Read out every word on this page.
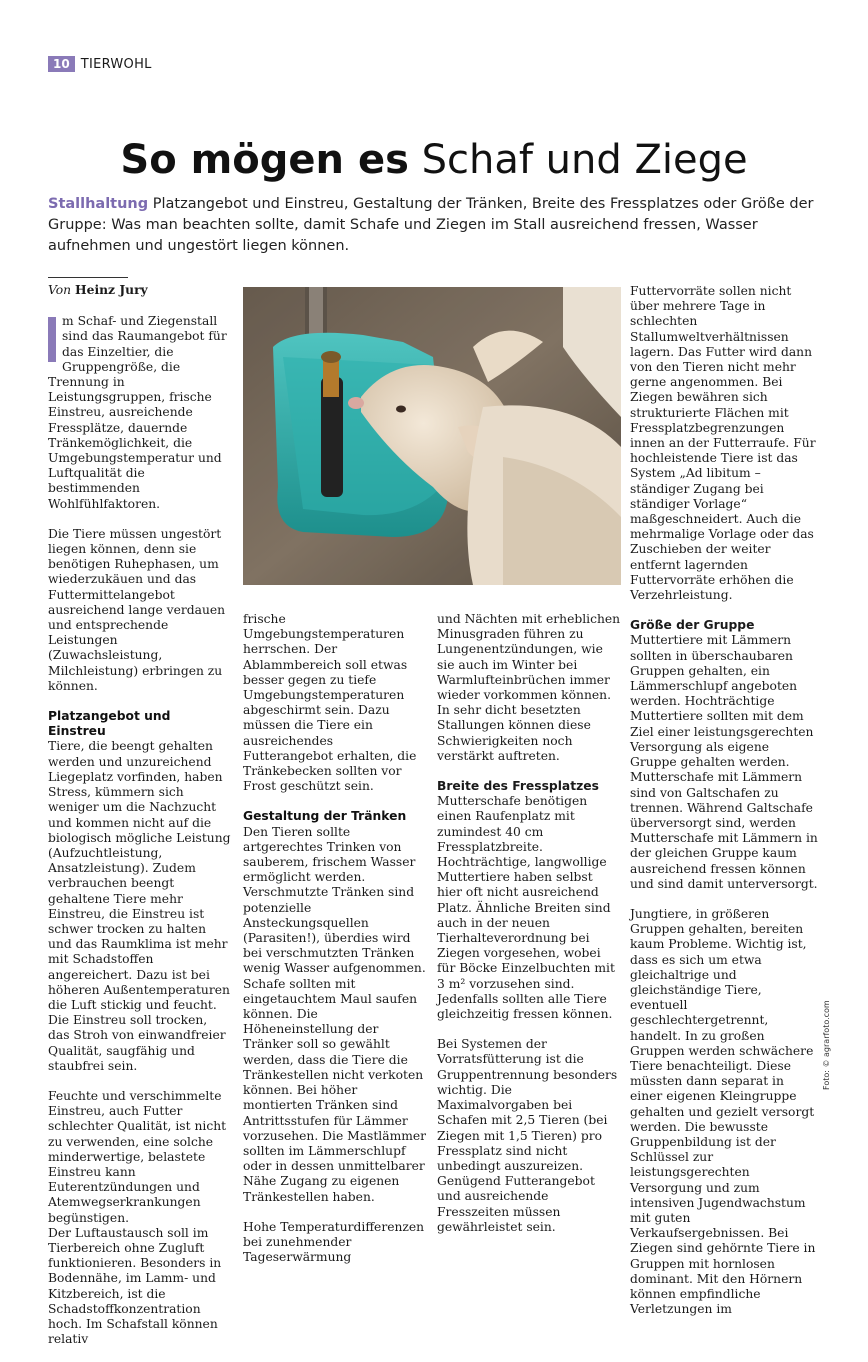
10 TIERWOHL
So mögen es Schaf und Ziege

Stallhaltung Platzangebot und Einstreu, Gestaltung der Tränken, Breite des Fressplatzes oder Größe der Gruppe: Was man beachten sollte, damit Schafe und Ziegen im Stall ausreichend fressen, Wasser aufnehmen und ungestört liegen können.

Von Heinz Jury

m Schaf- und Ziegenstall sind das Raumangebot für das Einzeltier, die Gruppengröße, die Trennung in Leistungsgruppen, frische Einstreu, ausreichende Fressplätze, dauernde Tränkemöglichkeit, die Umgebungstemperatur und Luftqualität die bestimmenden Wohlfühlfaktoren.

Die Tiere müssen ungestört liegen können, denn sie benötigen Ruhephasen, um wiederzukäuen und das Futtermittelangebot ausreichend lange verdauen und entsprechende Leistungen (Zuwachsleistung, Milchleistung) erbringen zu können.

Platzangebot und Einstreu

Tiere, die beengt gehalten werden und unzureichend Liegeplatz vorfinden, haben Stress, kümmern sich weniger um die Nachzucht und kommen nicht auf die biologisch mögliche Leistung (Aufzuchtleistung, Ansatzleistung). Zudem verbrauchen beengt gehaltene Tiere mehr Einstreu, die Einstreu ist schwer trocken zu halten und das Raumklima ist mehr mit Schadstoffen angereichert. Dazu ist bei höheren Außentemperaturen die Luft stickig und feucht. Die Einstreu soll trocken, das Stroh von einwandfreier Qualität, saugfähig und staubfrei sein.

Feuchte und verschimmelte Einstreu, auch Futter schlechter Qualität, ist nicht zu verwenden, eine solche minderwertige, belastete Einstreu kann Euterentzündungen und Atemwegserkrankungen begünstigen.

Der Luftaustausch soll im Tierbereich ohne Zugluft funktionieren. Besonders in Bodennähe, im Lamm- und Kitzbereich, ist die Schadstoffkonzentration hoch. Im Schafstall können relativ

frische Umgebungstemperaturen herrschen. Der Ablammbereich soll etwas besser gegen zu tiefe Umgebungstemperaturen abgeschirmt sein. Dazu müssen die Tiere ein ausreichendes Futterangebot erhalten, die Tränkebecken sollten vor Frost geschützt sein.

Gestaltung der Tränken

Den Tieren sollte artgerechtes Trinken von sauberem, frischem Wasser ermöglicht werden. Verschmutzte Tränken sind potenzielle Ansteckungsquellen (Parasiten!), überdies wird bei verschmutzten Tränken wenig Wasser aufgenommen.

Schafe sollten mit eingetauchtem Maul saufen können. Die Höheneinstellung der Tränker soll so gewählt werden, dass die Tiere die Tränkestellen nicht verkoten können. Bei höher montierten Tränken sind Antrittsstufen für Lämmer vorzusehen. Die Mastlämmer sollten im Lämmerschlupf oder in dessen unmittelbarer Nähe Zugang zu eigenen Tränkestellen haben.

Hohe Temperaturdifferenzen bei zunehmender Tageserwärmung

und Nächten mit erheblichen Minusgraden führen zu Lungenentzündungen, wie sie auch im Winter bei Warmlufteinbrüchen immer wieder vorkommen können. In sehr dicht besetzten Stallungen können diese Schwierigkeiten noch verstärkt auftreten.

Breite des Fressplatzes Mutterschafe benötigen einen Raufenplatz mit zumindest 40 cm Fressplatzbreite. Hochträchtige, langwollige Muttertiere haben selbst hier oft nicht ausreichend Platz. Ähnliche Breiten sind auch in der neuen Tierhalteverordnung bei Ziegen vorgesehen, wobei für Böcke Einzelbuchten mit 3 m² vorzusehen sind. Jedenfalls sollten alle Tiere gleichzeitig fressen können.

Bei Systemen der Vorratsfütterung ist die Gruppentrennung besonders wichtig. Die Maximalvorgaben bei Schafen mit 2,5 Tieren (bei Ziegen mit 1,5 Tieren) pro Fressplatz sind nicht unbedingt auszureizen. Genügend Futterangebot und ausreichende Fresszeiten müssen gewährleistet sein.

Futtervorräte sollen nicht über mehrere Tage in schlechten Stallumweltverhältnissen lagern. Das Futter wird dann von den Tieren nicht mehr gerne angenommen. Bei Ziegen bewähren sich strukturierte Flächen mit Fressplatzbegrenzungen innen an der Futterraufe. Für hochleistende Tiere ist das System „Ad libitum – ständiger Zugang bei ständiger Vorlage“ maßgeschneidert. Auch die mehrmalige Vorlage oder das Zuschieben der weiter entfernt lagernden Futtervorräte erhöhen die Verzehrleistung.

Größe der Gruppe Muttertiere mit Lämmern sollten in überschaubaren Gruppen gehalten, ein Lämmerschlupf angeboten werden. Hochträchtige Muttertiere sollten mit dem Ziel einer leistungsgerechten Versorgung als eigene Gruppe gehalten werden. Mutterschafe mit Lämmern sind von Galtschafen zu trennen. Während Galtschafe überversorgt sind, werden Mutterschafe mit Lämmern in der gleichen Gruppe kaum ausreichend fressen können und sind damit unterversorgt.

Jungtiere, in größeren Gruppen gehalten, bereiten kaum Probleme. Wichtig ist, dass es sich um etwa gleichaltrige und gleichständige Tiere, eventuell geschlechtergetrennt, handelt. In zu großen Gruppen werden schwächere Tiere benachteiligt. Diese müssten dann separat in einer eigenen Kleingruppe gehalten und gezielt versorgt werden. Die bewusste Gruppenbildung ist der Schlüssel zur leistungsgerechten Versorgung und zum intensiven Jugendwachstum mit guten Verkaufsergebnissen. Bei Ziegen sind gehörnte Tiere in Gruppen mit hornlosen dominant. Mit den Hörnern können empfindliche Verletzungen im

Foto: © agrarfoto.com
